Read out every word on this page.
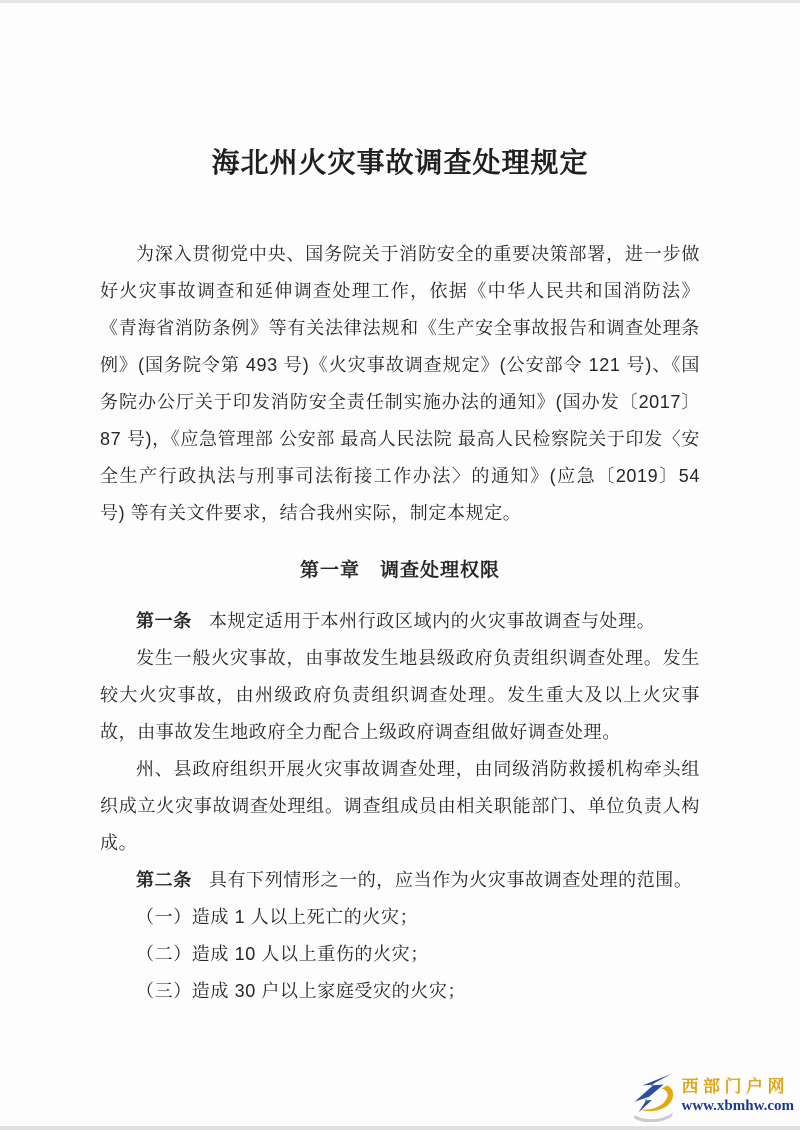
海北州火灾事故调查处理规定
为深入贯彻党中央、国务院关于消防安全的重要决策部署，进一步做好火灾事故调查和延伸调查处理工作，依据《中华人民共和国消防法》《青海省消防条例》等有关法律法规和《生产安全事故报告和调查处理条例》(国务院令第 493 号)《火灾事故调查规定》(公安部令 121 号)、《国务院办公厅关于印发消防安全责任制实施办法的通知》(国办发〔2017〕87 号)，《应急管理部 公安部 最高人民法院 最高人民检察院关于印发〈安全生产行政执法与刑事司法衔接工作办法〉的通知》(应急〔2019〕54 号) 等有关文件要求，结合我州实际，制定本规定。
第一章　调查处理权限
第一条 本规定适用于本州行政区域内的火灾事故调查与处理。
发生一般火灾事故，由事故发生地县级政府负责组织调查处理。发生较大火灾事故，由州级政府负责组织调查处理。发生重大及以上火灾事故，由事故发生地政府全力配合上级政府调查组做好调查处理。
州、县政府组织开展火灾事故调查处理，由同级消防救援机构牵头组织成立火灾事故调查处理组。调查组成员由相关职能部门、单位负责人构成。
第二条 具有下列情形之一的，应当作为火灾事故调查处理的范围。
（一）造成 1 人以上死亡的火灾；
（二）造成 10 人以上重伤的火灾；
（三）造成 30 户以上家庭受灾的火灾；
西部门户网
www.xbmhw.com
